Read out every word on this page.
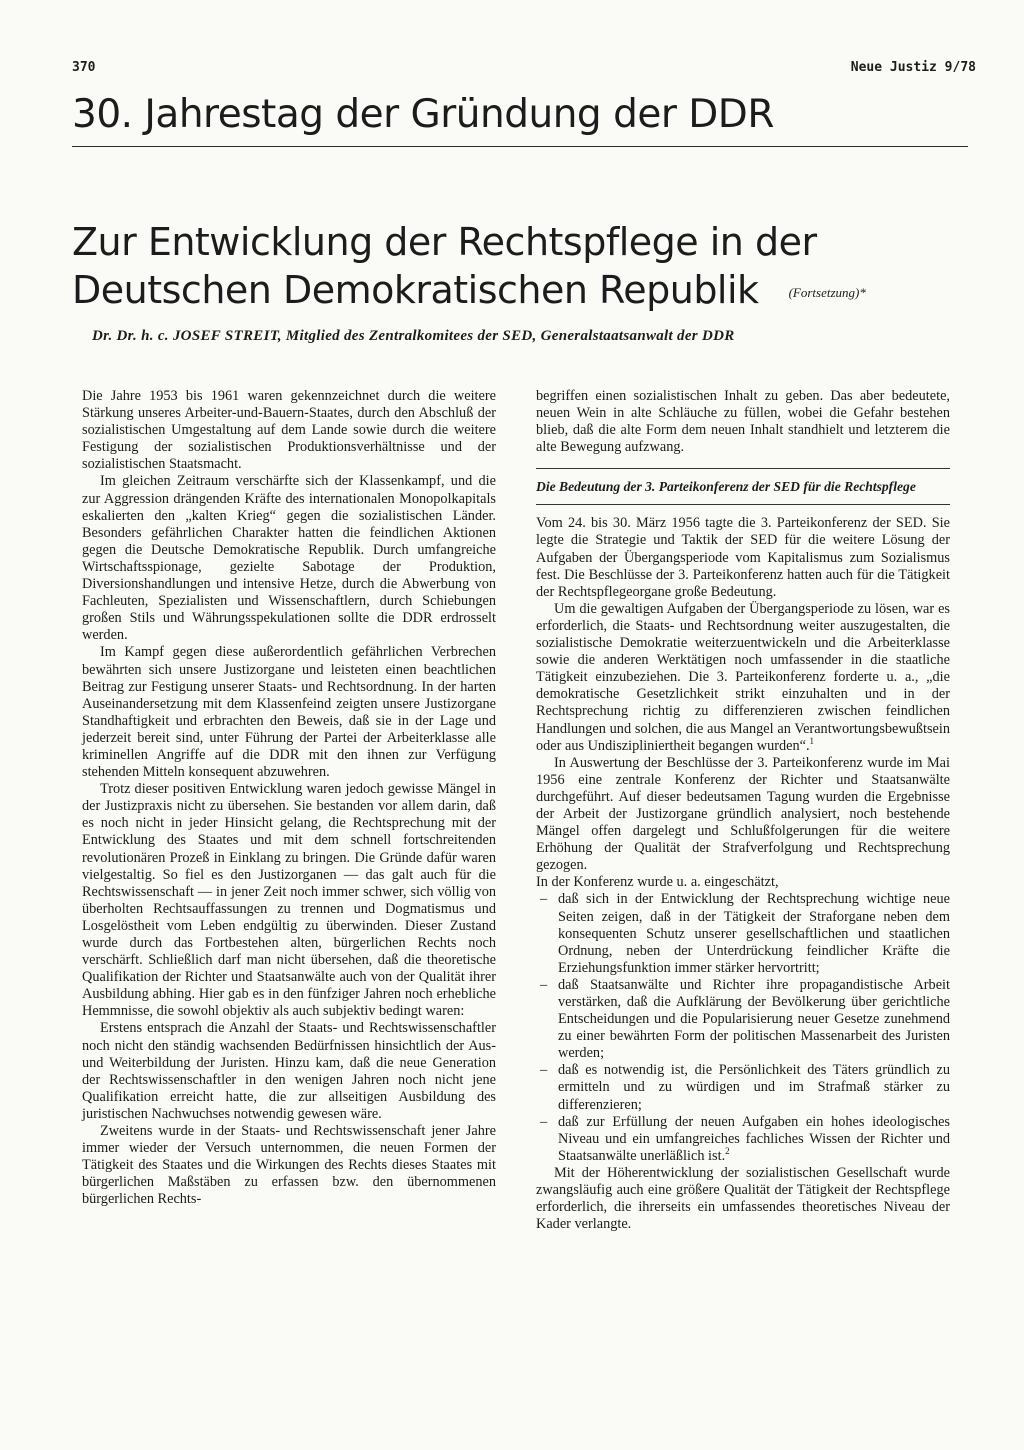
370	Neue Justiz 9/78
30. Jahrestag der Gründung der DDR
Zur Entwicklung der Rechtspflege in der
Deutschen Demokratischen Republik (Fortsetzung)*
Dr. Dr. h. c. JOSEF STREIT, Mitglied des Zentralkomitees der SED, Generalstaatsanwalt der DDR

Die Jahre 1953 bis 1961 waren gekennzeichnet durch die weitere Stärkung unseres Arbeiter-und-Bauern-Staates, durch den Abschluß der sozialistischen Umgestaltung auf dem Lande sowie durch die weitere Festigung der sozialistischen Produktionsverhältnisse und der sozialistischen Staatsmacht.

Im gleichen Zeitraum verschärfte sich der Klassenkampf, und die zur Aggression drängenden Kräfte des internationalen Monopolkapitals eskalierten den „kalten Krieg“ gegen die sozialistischen Länder. Besonders gefährlichen Charakter hatten die feindlichen Aktionen gegen die Deutsche Demokratische Republik. Durch umfangreiche Wirtschaftsspionage, gezielte Sabotage der Produktion, Diversionshandlungen und intensive Hetze, durch die Abwerbung von Fachleuten, Spezialisten und Wissenschaftlern, durch Schiebungen großen Stils und Währungsspekulationen sollte die DDR erdrosselt werden.

Im Kampf gegen diese außerordentlich gefährlichen Verbrechen bewährten sich unsere Justizorgane und leisteten einen beachtlichen Beitrag zur Festigung unserer Staats- und Rechtsordnung. In der harten Auseinandersetzung mit dem Klassenfeind zeigten unsere Justizorgane Standhaftigkeit und erbrachten den Beweis, daß sie in der Lage und jederzeit bereit sind, unter Führung der Partei der Arbeiterklasse alle kriminellen Angriffe auf die DDR mit den ihnen zur Verfügung stehenden Mitteln konsequent abzuwehren.

Trotz dieser positiven Entwicklung waren jedoch gewisse Mängel in der Justizpraxis nicht zu übersehen. Sie bestanden vor allem darin, daß es noch nicht in jeder Hinsicht gelang, die Rechtsprechung mit der Entwicklung des Staates und mit dem schnell fortschreitenden revolutionären Prozeß in Einklang zu bringen. Die Gründe dafür waren vielgestaltig. So fiel es den Justizorganen — das galt auch für die Rechtswissenschaft — in jener Zeit noch immer schwer, sich völlig von überholten Rechtsauffassungen zu trennen und Dogmatismus und Losgelöstheit vom Leben endgültig zu überwinden. Dieser Zustand wurde durch das Fortbestehen alten, bürgerlichen Rechts noch verschärft. Schließlich darf man nicht übersehen, daß die theoretische Qualifikation der Richter und Staatsanwälte auch von der Qualität ihrer Ausbildung abhing. Hier gab es in den fünfziger Jahren noch erhebliche Hemmnisse, die sowohl objektiv als auch subjektiv bedingt waren:

Erstens entsprach die Anzahl der Staats- und Rechtswissenschaftler noch nicht den ständig wachsenden Bedürfnissen hinsichtlich der Aus- und Weiterbildung der Juristen. Hinzu kam, daß die neue Generation der Rechtswissenschaftler in den wenigen Jahren noch nicht jene Qualifikation erreicht hatte, die zur allseitigen Ausbildung des juristischen Nachwuchses notwendig gewesen wäre.

Zweitens wurde in der Staats- und Rechtswissenschaft jener Jahre immer wieder der Versuch unternommen, die neuen Formen der Tätigkeit des Staates und die Wirkungen des Rechts dieses Staates mit bürgerlichen Maßstäben zu erfassen bzw. den übernommenen bürgerlichen Rechts-

begriffen einen sozialistischen Inhalt zu geben. Das aber bedeutete, neuen Wein in alte Schläuche zu füllen, wobei die Gefahr bestehen blieb, daß die alte Form dem neuen Inhalt standhielt und letzterem die alte Bewegung aufzwang.

Die Bedeutung der 3. Parteikonferenz der SED für die Rechtspflege

Vom 24. bis 30. März 1956 tagte die 3. Parteikonferenz der SED. Sie legte die Strategie und Taktik der SED für die weitere Lösung der Aufgaben der Übergangsperiode vom Kapitalismus zum Sozialismus fest. Die Beschlüsse der 3. Parteikonferenz hatten auch für die Tätigkeit der Rechtspflegeorgane große Bedeutung.

Um die gewaltigen Aufgaben der Übergangsperiode zu lösen, war es erforderlich, die Staats- und Rechtsordnung weiter auszugestalten, die sozialistische Demokratie weiterzuentwickeln und die Arbeiterklasse sowie die anderen Werktätigen noch umfassender in die staatliche Tätigkeit einzubeziehen. Die 3. Parteikonferenz forderte u. a., „die demokratische Gesetzlichkeit strikt einzuhalten und in der Rechtsprechung richtig zu differenzieren zwischen feindlichen Handlungen und solchen, die aus Mangel an Verantwortungsbewußtsein oder aus Undiszipliniertheit begangen wurden“.$^1$

In Auswertung der Beschlüsse der 3. Parteikonferenz wurde im Mai 1956 eine zentrale Konferenz der Richter und Staatsanwälte durchgeführt. Auf dieser bedeutsamen Tagung wurden die Ergebnisse der Arbeit der Justizorgane gründlich analysiert, noch bestehende Mängel offen dargelegt und Schlußfolgerungen für die weitere Erhöhung der Qualität der Strafverfolgung und Rechtsprechung gezogen.

In der Konferenz wurde u. a. eingeschätzt,

– daß sich in der Entwicklung der Rechtsprechung wichtige neue Seiten zeigen, daß in der Tätigkeit der Straforgane neben dem konsequenten Schutz unserer gesellschaftlichen und staatlichen Ordnung, neben der Unterdrückung feindlicher Kräfte die Erziehungsfunktion immer stärker hervortritt;
– daß Staatsanwälte und Richter ihre propagandistische Arbeit verstärken, daß die Aufklärung der Bevölkerung über gerichtliche Entscheidungen und die Popularisierung neuer Gesetze zunehmend zu einer bewährten Form der politischen Massenarbeit des Juristen werden;
– daß es notwendig ist, die Persönlichkeit des Täters gründlich zu ermitteln und zu würdigen und im Strafmaß stärker zu differenzieren;
– daß zur Erfüllung der neuen Aufgaben ein hohes ideologisches Niveau und ein umfangreiches fachliches Wissen der Richter und Staatsanwälte unerläßlich ist.$^2$

Mit der Höherentwicklung der sozialistischen Gesellschaft wurde zwangsläufig auch eine größere Qualität der Tätigkeit der Rechtspflege erforderlich, die ihrerseits ein umfassendes theoretisches Niveau der Kader verlangte.
